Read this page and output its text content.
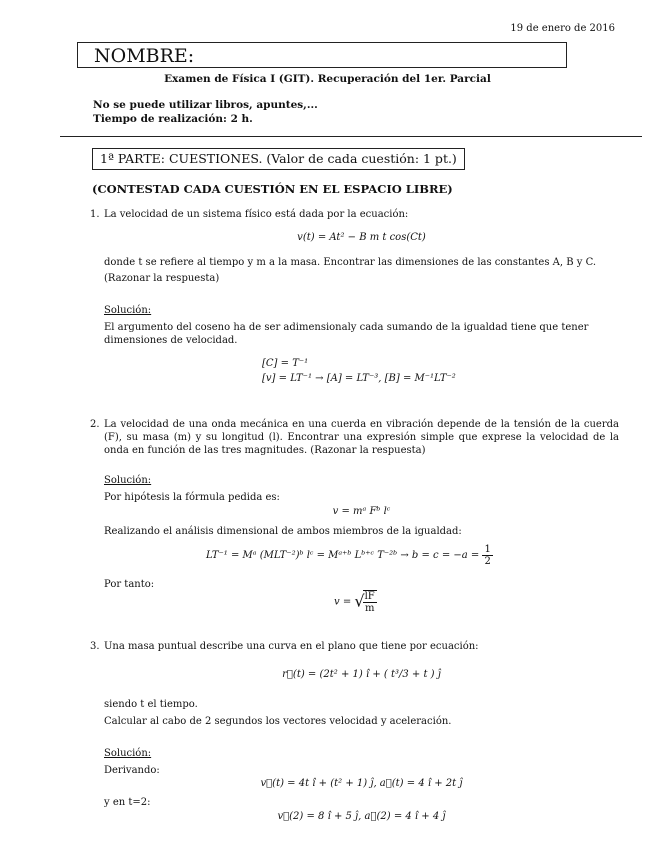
19 de enero de 2016
NOMBRE:
Examen de Física I (GIT). Recuperación del 1er. Parcial
No se puede utilizar libros, apuntes,...
Tiempo de realización: 2 h.
1ª PARTE: CUESTIONES. (Valor de cada cuestión: 1 pt.)
(CONTESTAD CADA CUESTIÓN EN EL ESPACIO LIBRE)
1. La velocidad de un sistema físico está dada por la ecuación:
v(t) = At² − B m t cos(Ct)
donde t se refiere al tiempo y m a la masa. Encontrar las dimensiones de las constantes A, B y C.
(Razonar la respuesta)
Solución:
El argumento del coseno ha de ser adimensionaly cada sumando de la igualdad tiene que tener dimensiones de velocidad.
[C] = T⁻¹
[v] = LT⁻¹ → [A] = LT⁻³, [B] = M⁻¹LT⁻²
2. La velocidad de una onda mecánica en una cuerda en vibración depende de la tensión de la cuerda (F), su masa (m) y su longitud (l). Encontrar una expresión simple que exprese la velocidad de la onda en función de las tres magnitudes. (Razonar la respuesta)
Solución:
Por hipótesis la fórmula pedida es:
v = mᵃ Fᵇ lᶜ
Realizando el análisis dimensional de ambos miembros de la igualdad:
LT⁻¹ = Mᵃ (MLT⁻²)ᵇ lᶜ = Mᵃ⁺ᵇ Lᵇ⁺ᶜ T⁻²ᵇ → $b = c = -a = \frac{1}{2}$
Por tanto:
v = √
$\frac{lF}{m}$
3. Una masa puntual describe una curva en el plano que tiene por ecuación:
r⃗(t) = (2t² + 1) î + ( t³/3 + t ) ĵ
siendo t el tiempo.
Calcular al cabo de 2 segundos los vectores velocidad y aceleración.
Solución:
Derivando:
v⃗(t) = 4t î + (t² + 1) ĵ, a⃗(t) = 4 î + 2t ĵ
y en t=2:
v⃗(2) = 8 î + 5 ĵ, a⃗(2) = 4 î + 4 ĵ
